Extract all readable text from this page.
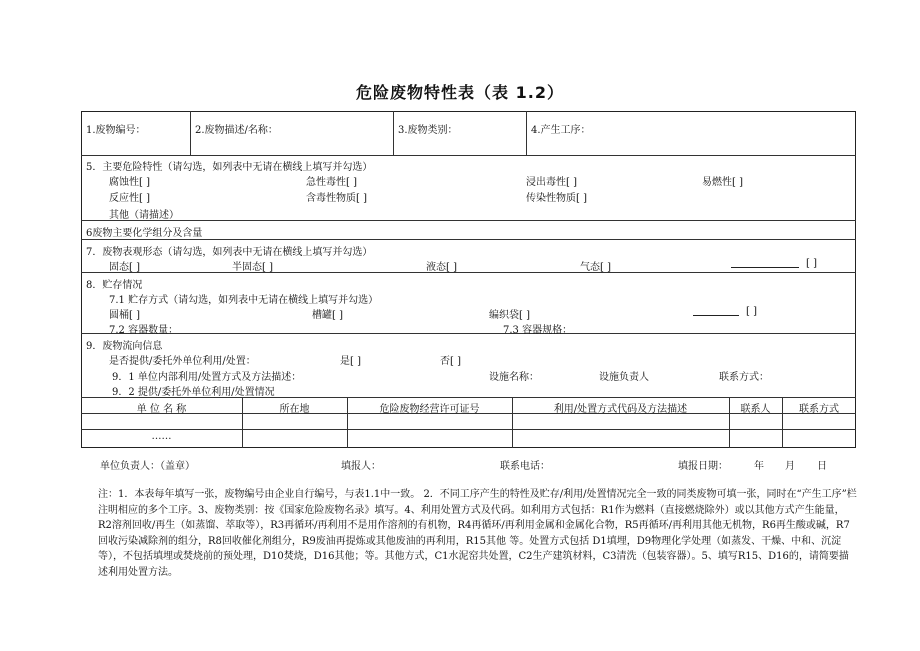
危险废物特性表（表 1.2）
1.废物编号：	2.废物描述/名称：	3.废物类别：	4.产生工序：
5．主要危险特性（请勾选，如列表中无请在横线上填写并勾选）
腐蚀性[ ]	急性毒性[ ]	浸出毒性[ ]	易燃性[ ]
反应性[ ]	含毒性物质[ ]	传染性物质[ ]
其他（请描述）
6废物主要化学组分及含量
7．废物表观形态（请勾选，如列表中无请在横线上填写并勾选）
固态[ ]	半固态[ ]	液态[ ]	气态[ ]	[ ]
8．贮存情况
7.1 贮存方式（请勾选，如列表中无请在横线上填写并勾选）
圆桶[ ]	槽罐[ ]	编织袋[ ]	[ ]
7.2 容器数量：	7.3 容器规格：
9．废物流向信息
是否提供/委托外单位利用/处置：	是[ ]	否[ ]
9．1 单位内部利用/处置方式及方法描述：	设施名称：	设施负责人	联系方式：
9．2 提供/委托外单位利用/处置情况
单 位 名 称	所在地	危险废物经营许可证号	利用/处置方式代码及方法描述	联系人	联系方式
……
单位负责人：（盖章）	填报人：	联系电话：	填报日期：	年 月 日
注：1．本表每年填写一张，废物编号由企业自行编号，与表1.1中一致。 2．不同工序产生的特性及贮存/利用/处置情况完全一致的同类废物可填一张，同时在“产生工序”栏注明相应的多个工序。3、废物类别：按《国家危险废物名录》填写。4、利用处置方式及代码。如利用方式包括：R1作为燃料（直接燃烧除外）或以其他方式产生能量，R2溶剂回收/再生（如蒸馏、萃取等），R3再循环/再利用不是用作溶剂的有机物，R4再循环/再利用金属和金属化合物，R5再循环/再利用其他无机物，R6再生酸或碱，R7回收污染减除剂的组分，R8回收催化剂组分，R9废油再提炼或其他废油的再利用，R15其他 等。处置方式包括 D1填埋，D9物理化学处理（如蒸发、干燥、中和、沉淀等），不包括填埋或焚烧前的预处理，D10焚烧，D16其他；等。其他方式，C1水泥窑共处置，C2生产建筑材料，C3清洗（包装容器）。5、填写R15、D16的，请简要描述利用处置方法。
